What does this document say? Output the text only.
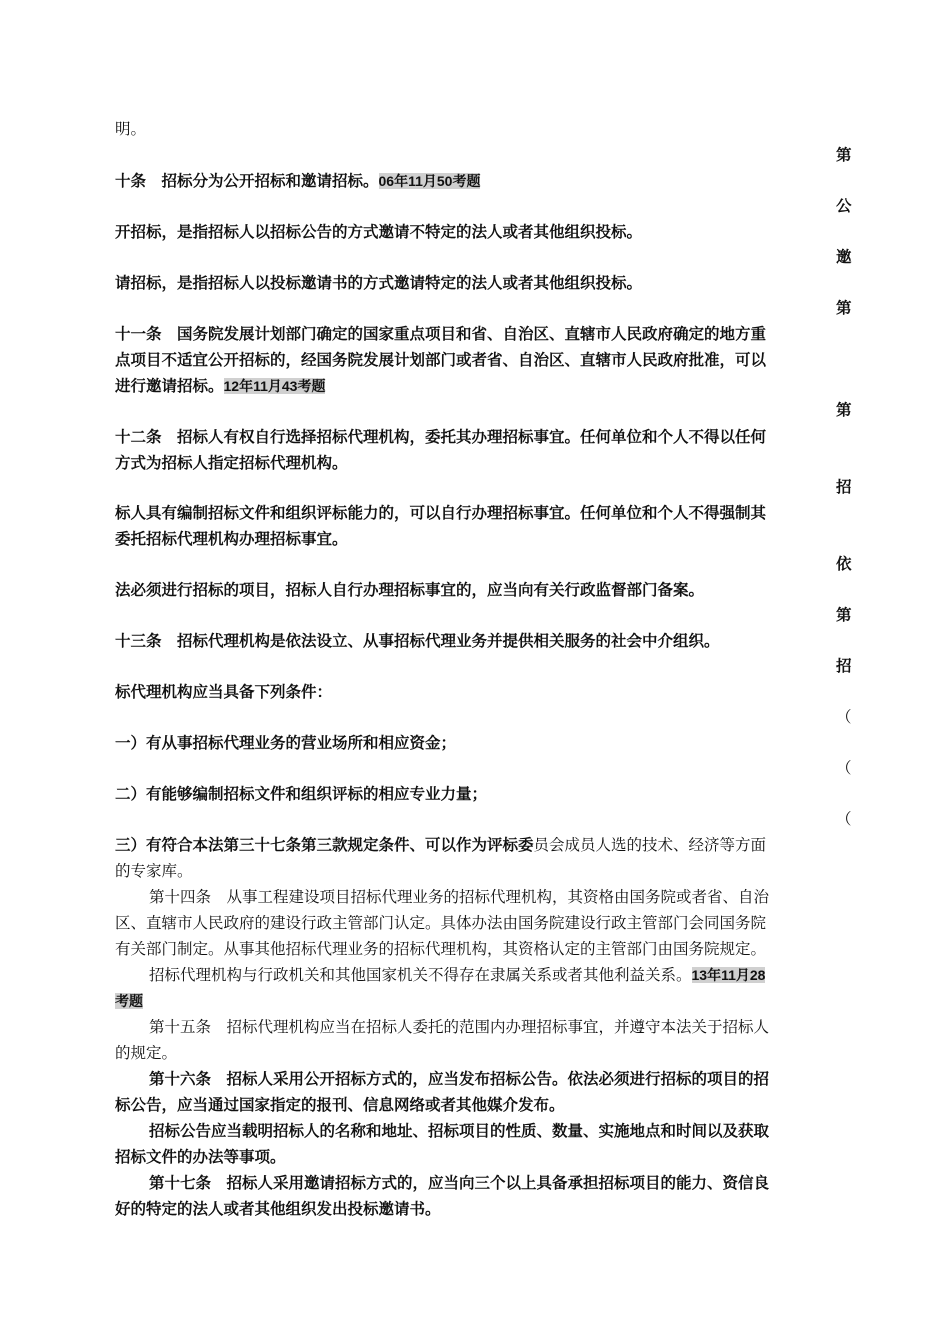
第
公
邀
第
第
招
依
第
招
（
（
（
明。
十条　招标分为公开招标和邀请招标。06年11月50考题
开招标，是指招标人以招标公告的方式邀请不特定的法人或者其他组织投标。
请招标，是指招标人以投标邀请书的方式邀请特定的法人或者其他组织投标。
十一条　国务院发展计划部门确定的国家重点项目和省、自治区、直辖市人民政府确定的地方重
点项目不适宜公开招标的，经国务院发展计划部门或者省、自治区、直辖市人民政府批准，可以
进行邀请招标。12年11月43考题
十二条　招标人有权自行选择招标代理机构，委托其办理招标事宜。任何单位和个人不得以任何
方式为招标人指定招标代理机构。
标人具有编制招标文件和组织评标能力的，可以自行办理招标事宜。任何单位和个人不得强制其
委托招标代理机构办理招标事宜。
法必须进行招标的项目，招标人自行办理招标事宜的，应当向有关行政监督部门备案。
十三条　招标代理机构是依法设立、从事招标代理业务并提供相关服务的社会中介组织。
标代理机构应当具备下列条件：
一）有从事招标代理业务的营业场所和相应资金；
二）有能够编制招标文件和组织评标的相应专业力量；
三）有符合本法第三十七条第三款规定条件、可以作为评标委员会成员人选的技术、经济等方面
的专家库。
第十四条　从事工程建设项目招标代理业务的招标代理机构，其资格由国务院或者省、自治
区、直辖市人民政府的建设行政主管部门认定。具体办法由国务院建设行政主管部门会同国务院
有关部门制定。从事其他招标代理业务的招标代理机构，其资格认定的主管部门由国务院规定。
招标代理机构与行政机关和其他国家机关不得存在隶属关系或者其他利益关系。13年11月28
考题
第十五条　招标代理机构应当在招标人委托的范围内办理招标事宜，并遵守本法关于招标人
的规定。
第十六条　招标人采用公开招标方式的，应当发布招标公告。依法必须进行招标的项目的招
标公告，应当通过国家指定的报刊、信息网络或者其他媒介发布。
招标公告应当载明招标人的名称和地址、招标项目的性质、数量、实施地点和时间以及获取
招标文件的办法等事项。
第十七条　招标人采用邀请招标方式的，应当向三个以上具备承担招标项目的能力、资信良
好的特定的法人或者其他组织发出投标邀请书。
